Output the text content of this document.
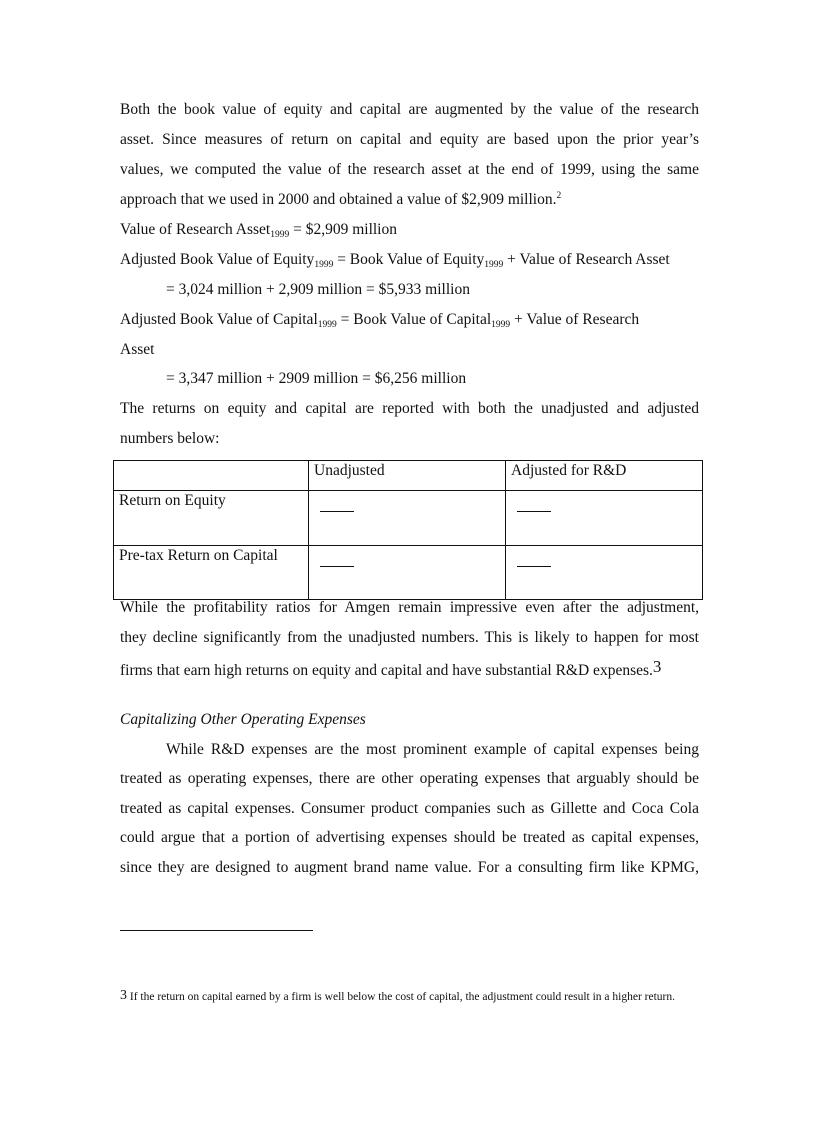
Both the book value of equity and capital are augmented by the value of the research
asset. Since measures of return on capital and equity are based upon the prior year’s
values, we computed the value of the research asset at the end of 1999, using the same
approach that we used in 2000 and obtained a value of $2,909 million.$^2$
Value of Research Asset$_{1999}$ = $2,909 million
Adjusted Book Value of Equity$_{1999}$ = Book Value of Equity$_{1999}$ + Value of Research Asset
= 3,024 million + 2,909 million = $5,933 million
Adjusted Book Value of Capital$_{1999}$ = Book Value of Capital$_{1999}$ + Value of Research
Asset
= 3,347 million + 2909 million = $6,256 million
The returns on equity and capital are reported with both the unadjusted and adjusted
numbers below:
	Unadjusted	Adjusted for R&D
Return on Equity	

Pre-tax Return on Capital	

While the profitability ratios for Amgen remain impressive even after the adjustment,
they decline significantly from the unadjusted numbers. This is likely to happen for most
firms that earn high returns on equity and capital and have substantial R&D expenses.3
Capitalizing Other Operating Expenses
While R&D expenses are the most prominent example of capital expenses being
treated as operating expenses, there are other operating expenses that arguably should be
treated as capital expenses. Consumer product companies such as Gillette and Coca Cola
could argue that a portion of advertising expenses should be treated as capital expenses,
since they are designed to augment brand name value. For a consulting firm like KPMG,
3 If the return on capital earned by a firm is well below the cost of capital, the adjustment could result in a higher return.
